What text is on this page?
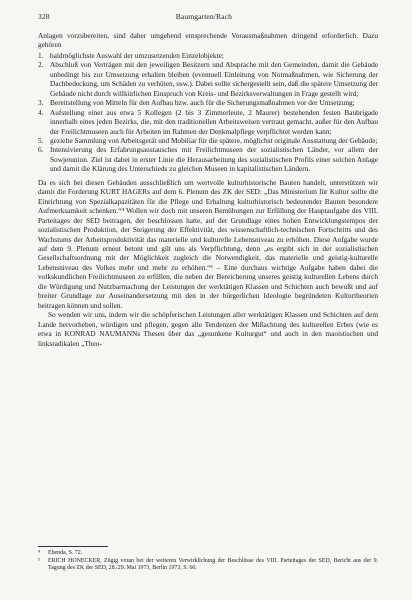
328	Baumgarten/Rach

Anlagen vorzubereiten, sind daher umgehend entsprechende Vorausmaßnahmen dringend erforderlich. Dazu gehören

1. baldmöglichste Auswahl der umzusetzenden Einzelobjekte;
2. Abschluß von Verträgen mit den jeweiligen Besitzern und Absprache mit den Gemeinden, damit die Gebäude unbedingt bis zur Umsetzung erhalten bleiben (eventuell Einleitung von Notmaßnahmen, wie Sicherung der Dachbedeckung, um Schäden zu verhüten, usw.). Dabei sollte sichergestellt sein, daß die spätere Umsetzung der Gebäude nicht durch willkürlichen Einspruch von Kreis- und Bezirksverwaltungen in Frage gestellt wird;
3. Bereitstellung von Mitteln für den Aufbau bzw. auch für die Sicherungsmaßnahmen vor der Umsetzung;
4. Aufstellung einer aus etwa 5 Kollegen (2 bis 3 Zimmerleute, 2 Maurer) bestehenden festen Baubrigade innerhalb eines jeden Bezirks, die, mit den traditionellen Arbeitsweisen vertraut gemacht, außer für den Aufbau der Freilichtmuseen auch für Arbeiten im Rahmen der Denkmalpflege verpflichtet werden kann;
5. gezielte Sammlung von Arbeitsgerät und Mobiliar für die spätere, möglichst originale Ausstattung der Gebäude;
6. Intensivierung des Erfahrungsaustausches mit Freilichtmuseen der sozialistischen Länder, vor allem der Sowjetunion. Ziel ist dabei in erster Linie die Herausarbeitung des sozialistischen Profils einer solchen Anlage und damit die Klärung des Unterschieds zu gleichen Museen in kapitalistischen Ländern.

Da es sich bei diesen Gebäuden ausschließlich um wertvolle kulturhistorische Bauten handelt, unterstützen wir damit die Forderung KURT HAGERs auf dem 6. Plenum des ZK der SED: „Das Ministerium für Kultur sollte die Einrichtung von Spezialkapazitäten für die Pflege und Erhaltung kulturhistorisch bedeutender Bauten besondere Aufmerksamkeit schenken.“⁴ Wollen wir doch mit unseren Bemühungen zur Erfüllung der Hauptaufgabe des VIII. Parteitages der SED beitragen, der beschlossen hatte, auf der Grundlage eines hohen Entwicklungstempos der sozialistischen Produktion, der Steigerung der Effektivität, des wissenschaftlich-technischen Fortschritts und des Wachstums der Arbeitsproduktivität das materielle und kulturelle Lebensniveau zu erhöhen. Diese Aufgabe wurde auf dem 9. Plenum erneut betont und gilt uns als Verpflichtung, denn „es ergibt sich in der sozialistischen Gesellschaftsordnung mit der Möglichkeit zugleich die Notwendigkeit, das materielle und geistig-kulturelle Lebensniveau des Volkes mehr und mehr zu erhöhen.“⁵ – Eine durchaus wichtige Aufgabe haben dabei die volkskundlichen Freilichtmuseen zu erfüllen, die neben der Bereicherung unseres geistig kulturellen Lebens durch die Würdigung und Nutzbarmachung der Leistungen der werktätigen Klassen und Schichten auch bewußt und auf breiter Grundlage zur Auseinandersetzung mit den in der bürgerlichen Ideologie begründeten Kulturtheorien beitragen können und sollen.

So wenden wir uns, indem wir die schöpferischen Leistungen aller werktätigen Klassen und Schichten auf dem Lande hervorheben, würdigen und pflegen, gegen alle Tendenzen der Mißachtung des kulturellen Erbes (wie es etwa in KONRAD NAUMANNs Thesen über das „gesunkene Kulturgut“ und auch in den maoistischen und linksradikalen „Theo-

⁴	Ebenda, S. 72.
⁵	ERICH HONECKER, Zügig voran bei der weiteren Verwirklichung der Beschlüsse des VIII. Parteitages der SED, Bericht aus der 9. Tagung des ZK der SED, 28./29. Mai 1973, Berlin 1973, S. 60.
